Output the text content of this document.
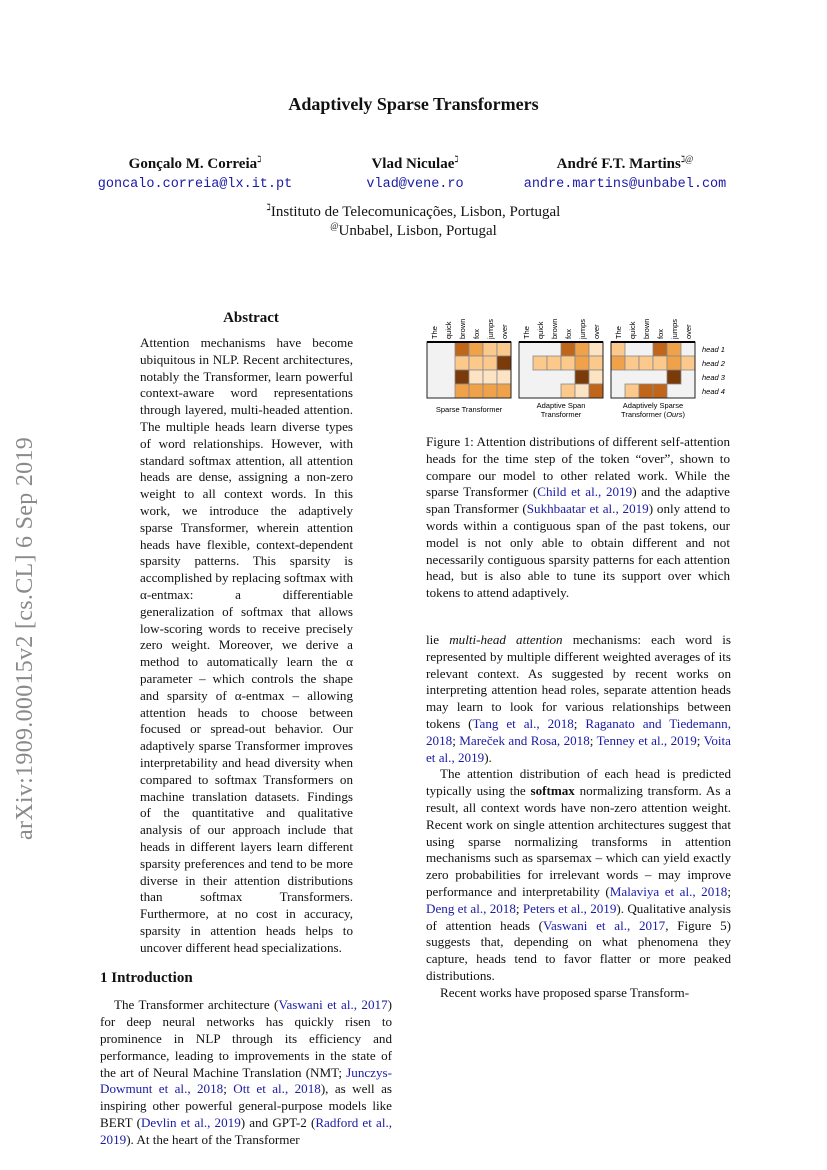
Adaptively Sparse Transformers
Gonçalo M. Correia$^ℷ$
goncalo.correia@lx.it.pt
Vlad Niculae$^ℷ$
vlad@vene.ro
André F.T. Martins$^{ℷ@}$
andre.martins@unbabel.com
$^ℷ$Instituto de Telecomunicações, Lisbon, Portugal
@Unbabel, Lisbon, Portugal
arXiv:1909.00015v2 [cs.CL] 6 Sep 2019
Abstract

Attention mechanisms have become ubiquitous in NLP. Recent architectures, notably the Transformer, learn powerful context-aware word representations through layered, multi-headed attention. The multiple heads learn diverse types of word relationships. However, with standard softmax attention, all attention heads are dense, assigning a non-zero weight to all context words. In this work, we introduce the adaptively sparse Transformer, wherein attention heads have flexible, context-dependent sparsity patterns. This sparsity is accomplished by replacing softmax with α-entmax: a differentiable generalization of softmax that allows low-scoring words to receive precisely zero weight. Moreover, we derive a method to automatically learn the α parameter – which controls the shape and sparsity of α-entmax – allowing attention heads to choose between focused or spread-out behavior. Our adaptively sparse Transformer improves interpretability and head diversity when compared to softmax Transformers on machine translation datasets. Findings of the quantitative and qualitative analysis of our approach include that heads in different layers learn different sparsity preferences and tend to be more diverse in their attention distributions than softmax Transformers. Furthermore, at no cost in accuracy, sparsity in attention heads helps to uncover different head specializations.

1 Introduction

The Transformer architecture (Vaswani et al., 2017) for deep neural networks has quickly risen to prominence in NLP through its efficiency and performance, leading to improvements in the state of the art of Neural Machine Translation (NMT; Junczys-Dowmunt et al., 2018; Ott et al., 2018), as well as inspiring other powerful general-purpose models like BERT (Devlin et al., 2019) and GPT-2 (Radford et al., 2019). At the heart of the Transformer

The quick brown fox jumps over
Sparse Transformer
The quick brown fox jumps over
Adaptive Span Transformer
The quick brown fox jumps over
Adaptively Sparse Transformer (Ours)
head 1
head 2
head 3
head 4

Figure 1: Attention distributions of different self-attention heads for the time step of the token “over”, shown to compare our model to other related work. While the sparse Transformer (Child et al., 2019) and the adaptive span Transformer (Sukhbaatar et al., 2019) only attend to words within a contiguous span of the past tokens, our model is not only able to obtain different and not necessarily contiguous sparsity patterns for each attention head, but is also able to tune its support over which tokens to attend adaptively.

lie multi-head attention mechanisms: each word is represented by multiple different weighted averages of its relevant context. As suggested by recent works on interpreting attention head roles, separate attention heads may learn to look for various relationships between tokens (Tang et al., 2018; Raganato and Tiedemann, 2018; Mareček and Rosa, 2018; Tenney et al., 2019; Voita et al., 2019).

The attention distribution of each head is predicted typically using the softmax normalizing transform. As a result, all context words have non-zero attention weight. Recent work on single attention architectures suggest that using sparse normalizing transforms in attention mechanisms such as sparsemax – which can yield exactly zero probabilities for irrelevant words – may improve performance and interpretability (Malaviya et al., 2018; Deng et al., 2018; Peters et al., 2019). Qualitative analysis of attention heads (Vaswani et al., 2017, Figure 5) suggests that, depending on what phenomena they capture, heads tend to favor flatter or more peaked distributions.

Recent works have proposed sparse Transform-
